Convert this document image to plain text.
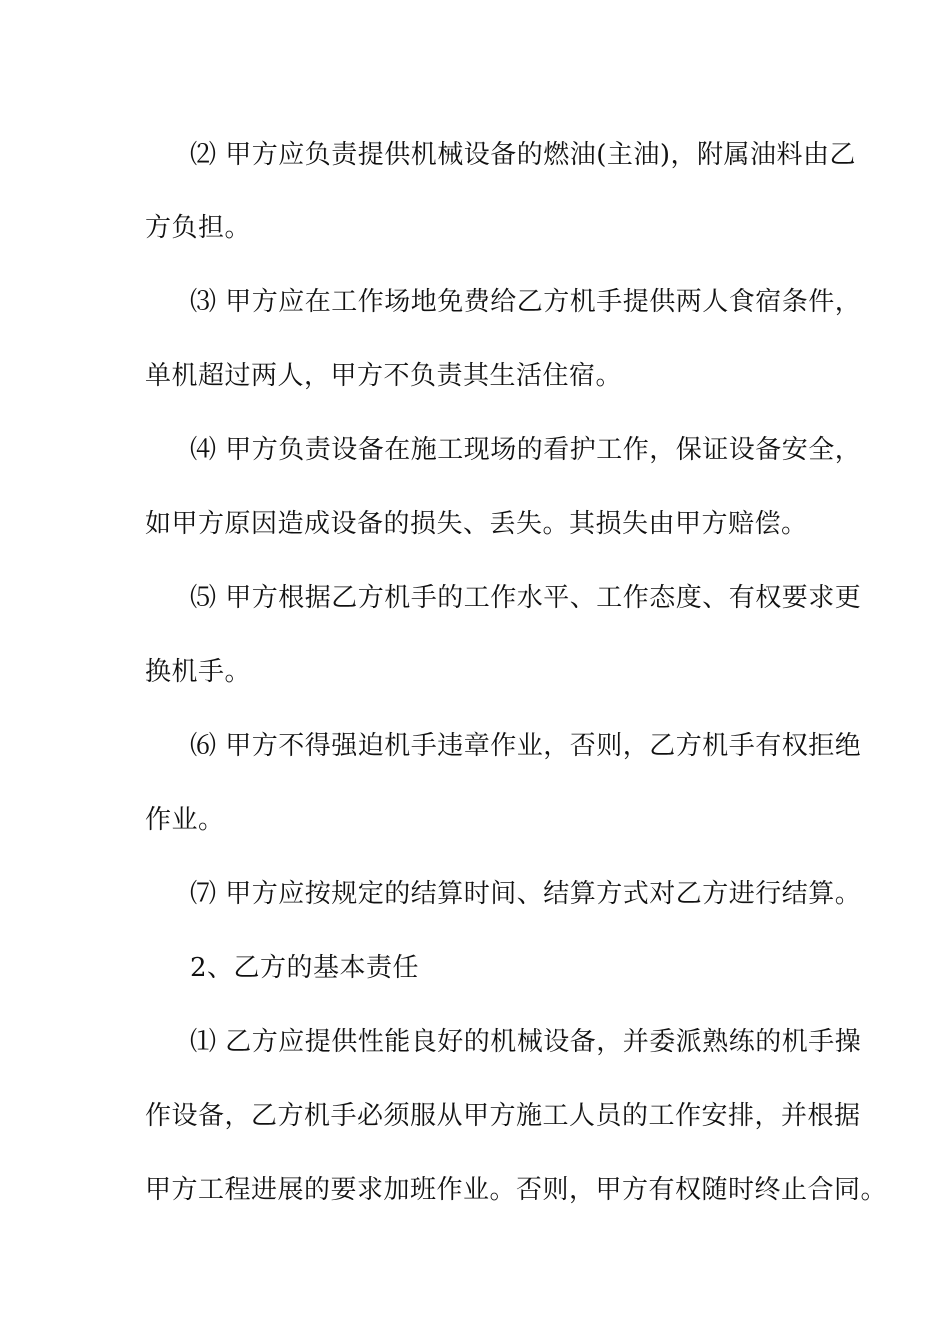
⑵ 甲方应负责提供机械设备的燃油(主油)，附属油料由乙
方负担。
⑶ 甲方应在工作场地免费给乙方机手提供两人食宿条件，
单机超过两人，甲方不负责其生活住宿。
⑷ 甲方负责设备在施工现场的看护工作，保证设备安全，
如甲方原因造成设备的损失、丢失。其损失由甲方赔偿。
⑸ 甲方根据乙方机手的工作水平、工作态度、有权要求更
换机手。
⑹ 甲方不得强迫机手违章作业，否则，乙方机手有权拒绝
作业。
⑺ 甲方应按规定的结算时间、结算方式对乙方进行结算。
2、乙方的基本责任
⑴ 乙方应提供性能良好的机械设备，并委派熟练的机手操
作设备，乙方机手必须服从甲方施工人员的工作安排，并根据
甲方工程进展的要求加班作业。否则，甲方有权随时终止合同。
